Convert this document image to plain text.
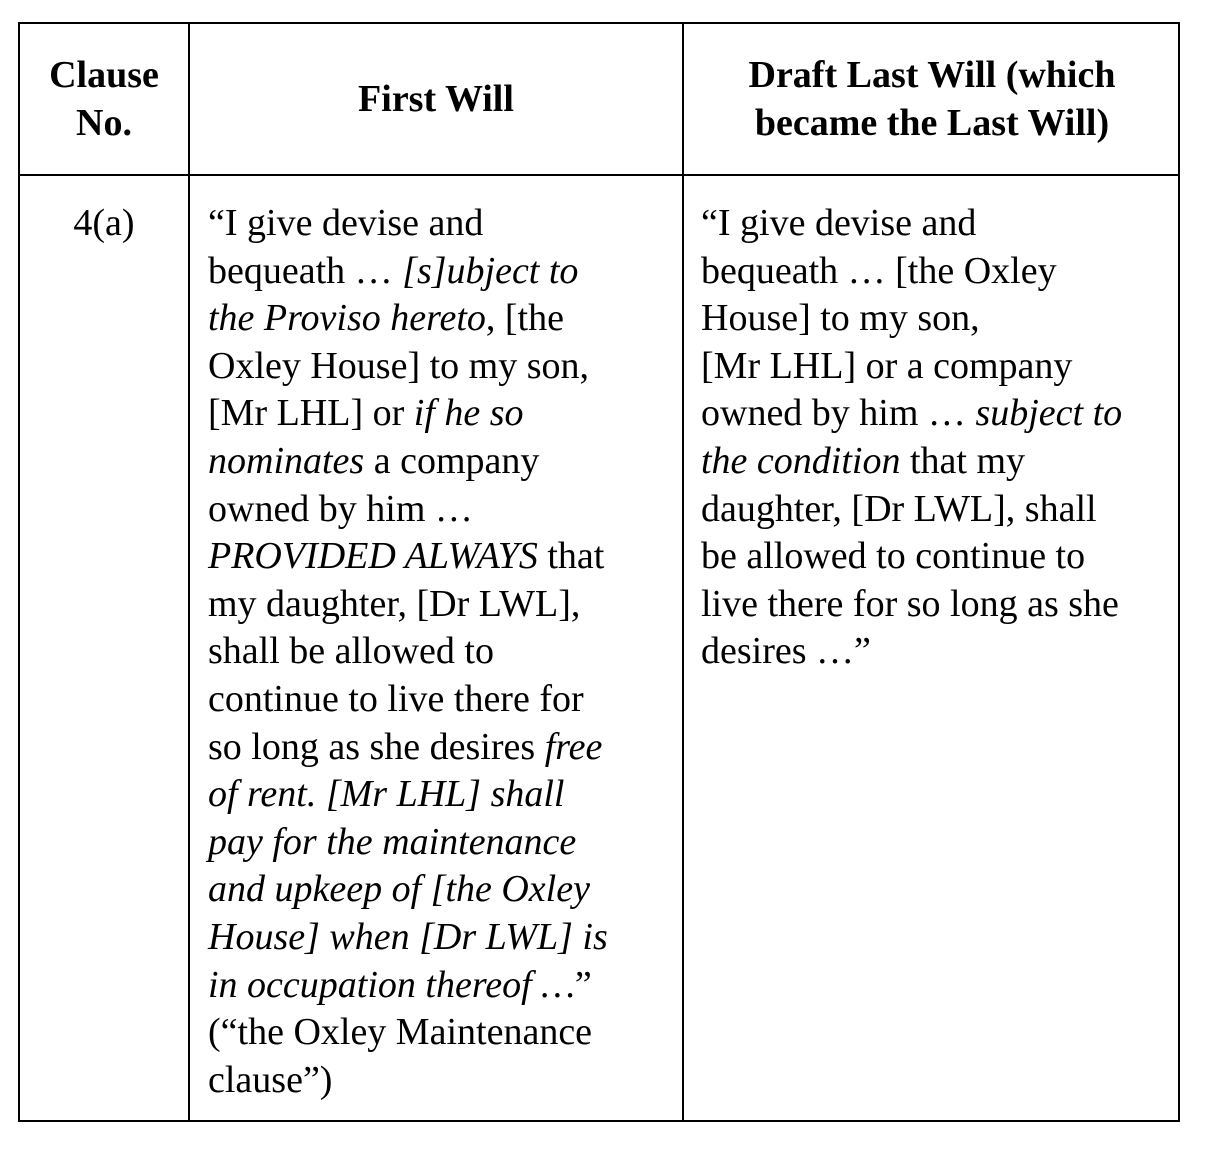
Clause
No.
First Will
Draft Last Will (which
became the Last Will)
4(a)	“I give devise and
bequeath … [s]ubject to
the Proviso hereto, [the
Oxley House] to my son,
[Mr LHL] or if he so
nominates a company
owned by him …
PROVIDED ALWAYS that
my daughter, [Dr LWL],
shall be allowed to
continue to live there for
so long as she desires free
of rent. [Mr LHL] shall
pay for the maintenance
and upkeep of [the Oxley
House] when [Dr LWL] is
in occupation thereof …”
(“the Oxley Maintenance
clause”)
“I give devise and
bequeath … [the Oxley
House] to my son,
[Mr LHL] or a company
owned by him … subject to
the condition that my
daughter, [Dr LWL], shall
be allowed to continue to
live there for so long as she
desires …”
